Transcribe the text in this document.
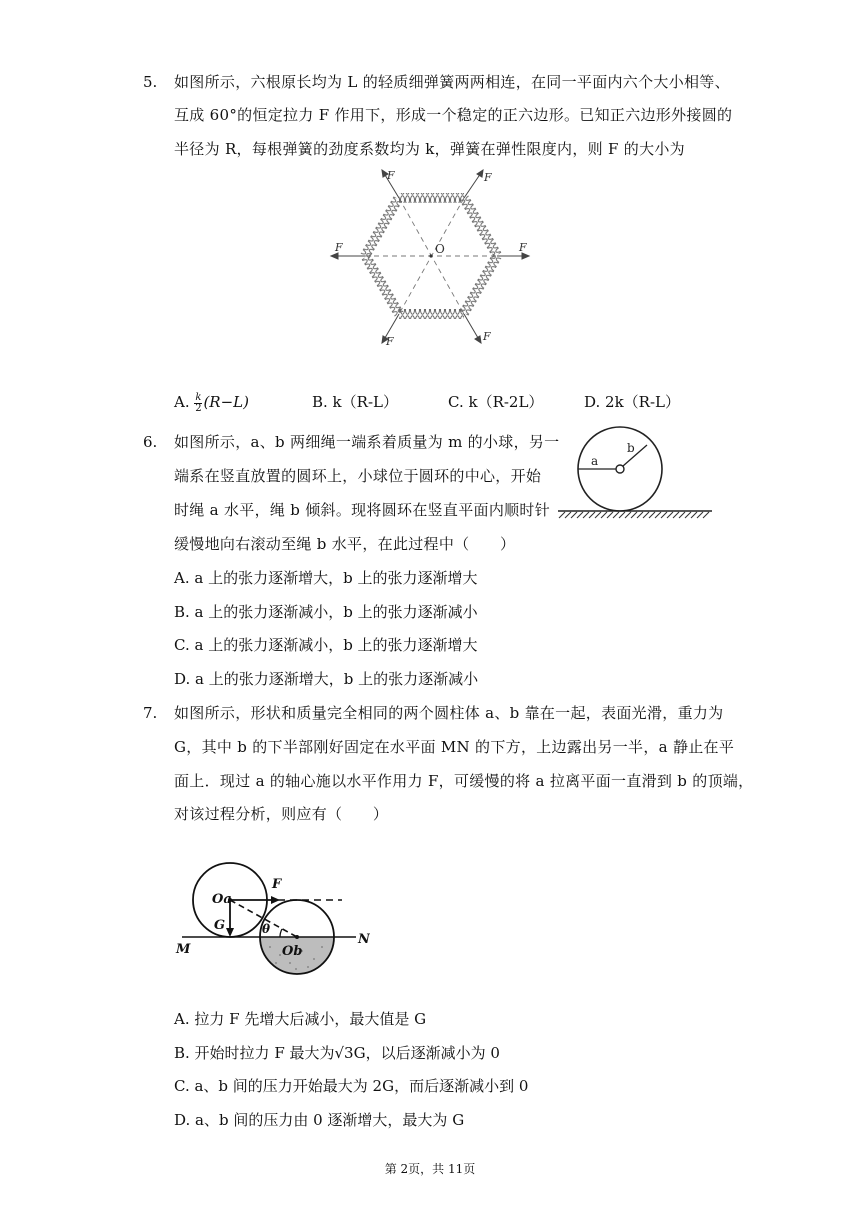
5. 如图所示，六根原长均为 L 的轻质细弹簧两两相连，在同一平面内六个大小相等、
互成 60°的恒定拉力 F 作用下，形成一个稳定的正六边形。已知正六边形外接圆的
半径为 R，每根弹簧的劲度系数均为 k，弹簧在弹性限度内，则 F 的大小为
O
F	F
F	F
F	F
A. $\frac{k}{2} (R-L)$	B. k（R-L）	C. k（R-2L）	D. 2k（R-L）
6. 如图所示，a、b 两细绳一端系着质量为 m 的小球，另一
端系在竖直放置的圆环上，小球位于圆环的中心，开始
时绳 a 水平，绳 b 倾斜。现将圆环在竖直平面内顺时针
缓慢地向右滚动至绳 b 水平，在此过程中（　　）
a
b
A. a 上的张力逐渐增大，b 上的张力逐渐增大
B. a 上的张力逐渐减小，b 上的张力逐渐减小
C. a 上的张力逐渐减小，b 上的张力逐渐增大
D. a 上的张力逐渐增大，b 上的张力逐渐减小
7. 如图所示，形状和质量完全相同的两个圆柱体 a、b 靠在一起，表面光滑，重力为
G，其中 b 的下半部刚好固定在水平面 MN 的下方，上边露出另一半，a 静止在平
面上．现过 a 的轴心施以水平作用力 F，可缓慢的将 a 拉离平面一直滑到 b 的顶端，
对该过程分析，则应有（　　）
Oa
Ob
F
G	θ
M
N
A. 拉力 F 先增大后减小，最大值是 G
B. 开始时拉力 F 最大为√3G，以后逐渐减小为 0
C. a、b 间的压力开始最大为 2G，而后逐渐减小到 0
D. a、b 间的压力由 0 逐渐增大，最大为 G
第 2页，共 11页
